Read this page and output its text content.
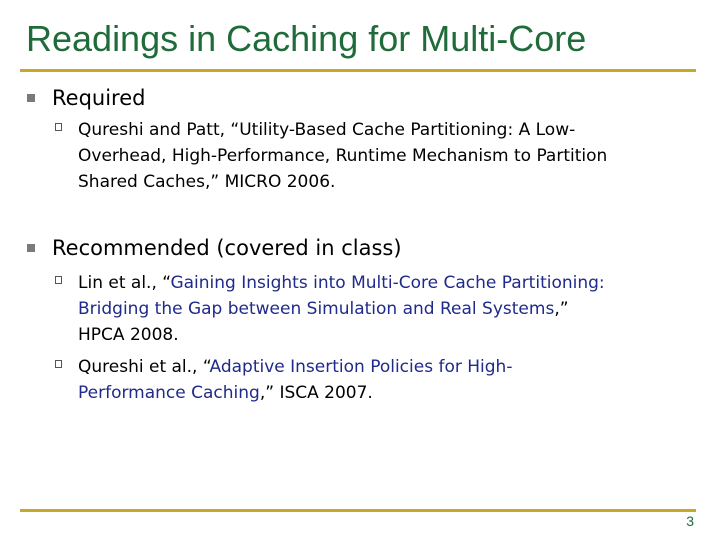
Readings in Caching for Multi-Core
Required
Qureshi and Patt, “Utility-Based Cache Partitioning: A Low-
Overhead, High-Performance, Runtime Mechanism to Partition
Shared Caches,” MICRO 2006.
Recommended (covered in class)
Lin et al., “Gaining Insights into Multi-Core Cache Partitioning:
Bridging the Gap between Simulation and Real Systems,”
HPCA 2008.
Qureshi et al., “Adaptive Insertion Policies for High-
Performance Caching,” ISCA 2007.
3
